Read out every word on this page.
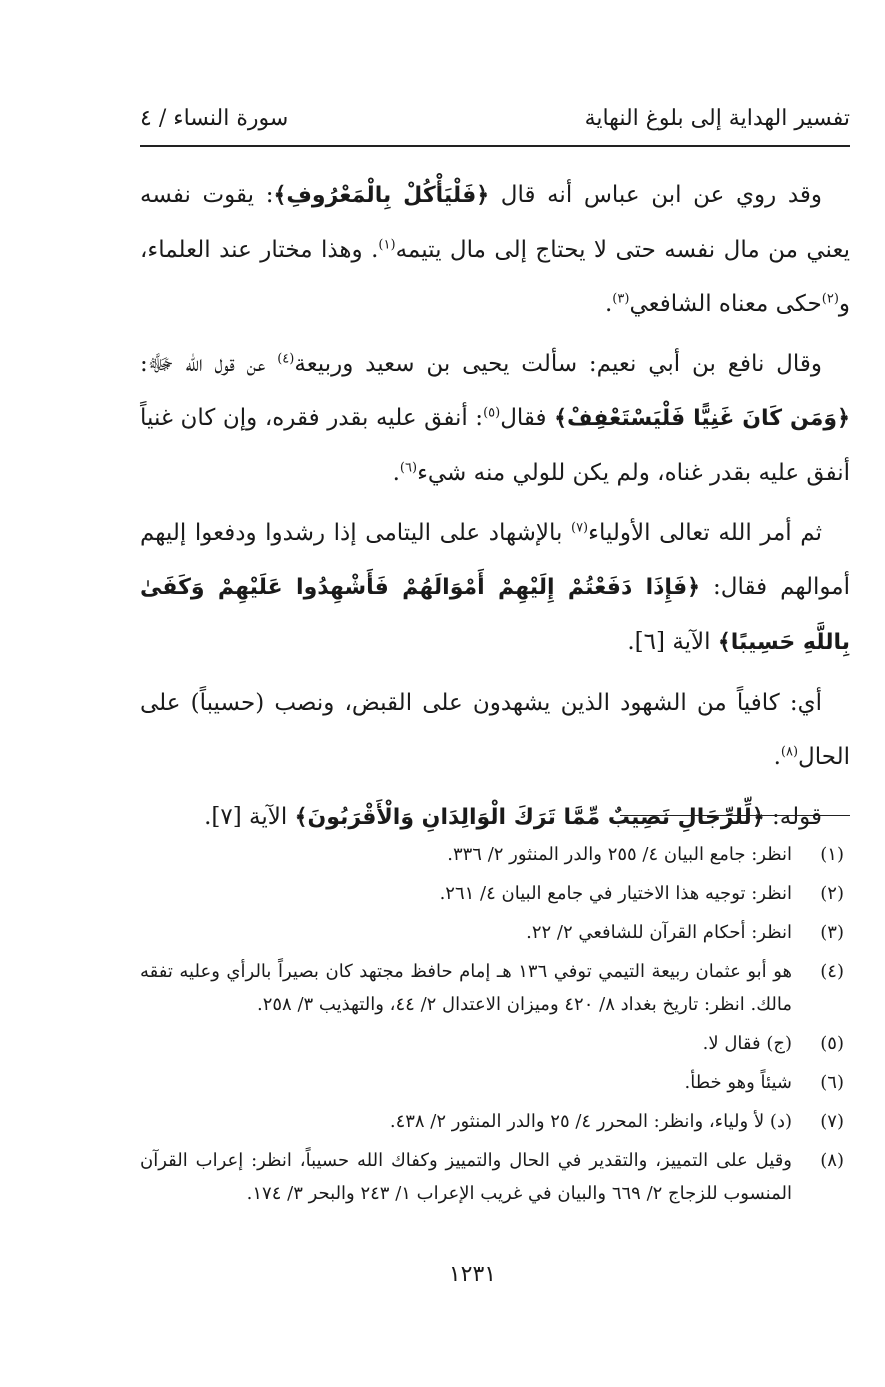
تفسير الهداية إلى بلوغ النهاية
سورة النساء / ٤

وقد روي عن ابن عباس أنه قال ﴿فَلْيَأْكُلْ بِالْمَعْرُوفِ﴾: يقوت نفسه يعني من مال نفسه حتى لا يحتاج إلى مال يتيمه$^{(١)}$. وهذا مختار عند العلماء، و$^{(٢)}$حكى معناه الشافعي$^{(٣)}$.

وقال نافع بن أبي نعيم: سألت يحيى بن سعيد وربيعة$^{(٤)}$ عن قول الله ﷻ: ﴿وَمَن كَانَ غَنِيًّا فَلْيَسْتَعْفِفْ﴾ فقال$^{(٥)}$: أنفق عليه بقدر فقره، وإن كان غنياً أنفق عليه بقدر غناه، ولم يكن للولي منه شيء$^{(٦)}$.

ثم أمر الله تعالى الأولياء$^{(٧)}$ بالإشهاد على اليتامى إذا رشدوا ودفعوا إليهم أموالهم فقال: ﴿فَإِذَا دَفَعْتُمْ إِلَيْهِمْ أَمْوَالَهُمْ فَأَشْهِدُوا عَلَيْهِمْ وَكَفَىٰ بِاللَّهِ حَسِيبًا﴾ الآية [٦].

أي: كافياً من الشهود الذين يشهدون على القبض، ونصب (حسيباً) على الحال$^{(٨)}$.

قوله: ﴿لِّلرِّجَالِ نَصِيبٌ مِّمَّا تَرَكَ الْوَالِدَانِ وَالْأَقْرَبُونَ﴾ الآية [٧].

(١)
انظر: جامع البيان ٤/ ٢٥٥ والدر المنثور ٢/ ٣٣٦.
(٢)
انظر: توجيه هذا الاختيار في جامع البيان ٤/ ٢٦١.
(٣)
انظر: أحكام القرآن للشافعي ٢/ ٢٢.
(٤)
هو أبو عثمان ربيعة التيمي توفي ١٣٦ هـ إمام حافظ مجتهد كان بصيراً بالرأي وعليه تفقه مالك. انظر: تاريخ بغداد ٨/ ٤٢٠ وميزان الاعتدال ٢/ ٤٤، والتهذيب ٣/ ٢٥٨.
(٥)
(ج) فقال لا.
(٦)
شيئاً وهو خطأ.
(٧)
(د) لأ ولياء، وانظر: المحرر ٤/ ٢٥ والدر المنثور ٢/ ٤٣٨.
(٨)
وقيل على التمييز، والتقدير في الحال والتمييز وكفاك الله حسيباً، انظر: إعراب القرآن المنسوب للزجاج ٢/ ٦٦٩ والبيان في غريب الإعراب ١/ ٢٤٣ والبحر ٣/ ١٧٤.
١٢٣١
